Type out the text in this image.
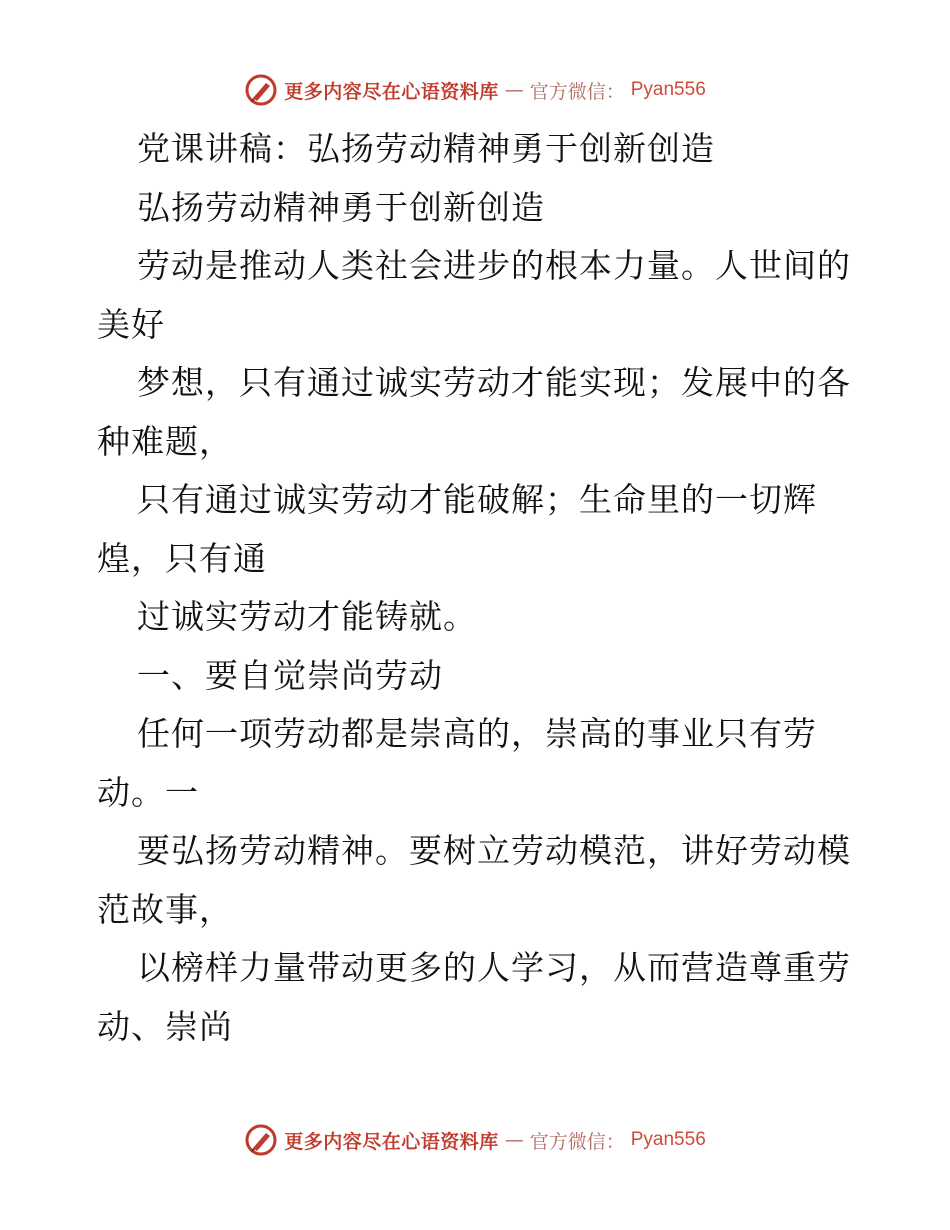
更多内容尽在心语资料库 — 官方微信： Pyan556
党课讲稿：弘扬劳动精神勇于创新创造
弘扬劳动精神勇于创新创造
劳动是推动人类社会进步的根本力量。人世间的
美好
梦想，只有通过诚实劳动才能实现；发展中的各
种难题，
只有通过诚实劳动才能破解；生命里的一切辉
煌，只有通
过诚实劳动才能铸就。
一、要自觉崇尚劳动
任何一项劳动都是崇高的，崇高的事业只有劳
动。一
要弘扬劳动精神。要树立劳动模范，讲好劳动模
范故事，
以榜样力量带动更多的人学习，从而营造尊重劳
动、崇尚
更多内容尽在心语资料库 — 官方微信： Pyan556
